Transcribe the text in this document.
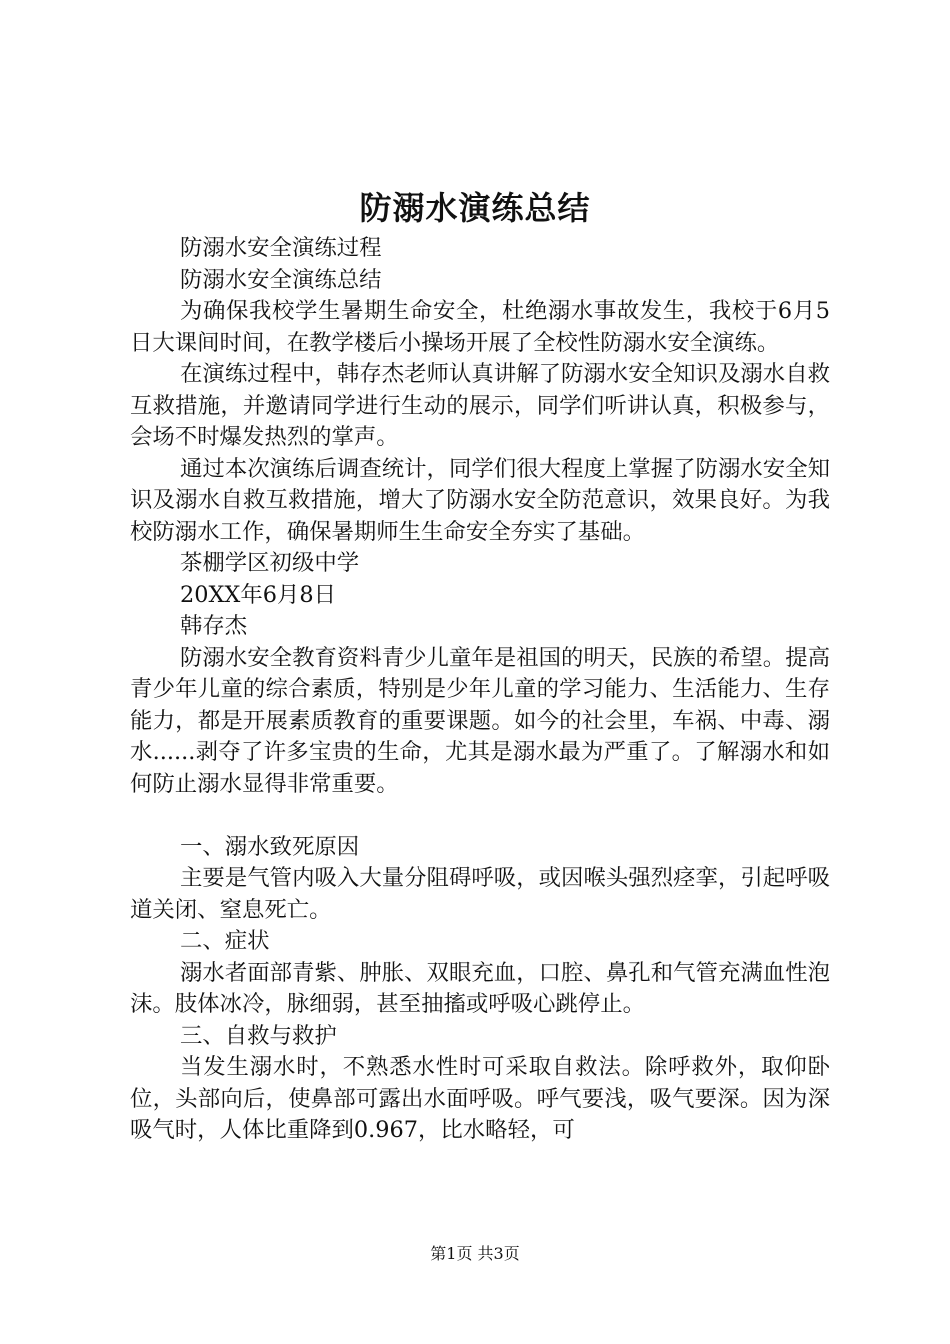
防溺水演练总结

防溺水安全演练过程

防溺水安全演练总结

为确保我校学生暑期生命安全，杜绝溺水事故发生，我校于6月5日大课间时间，在教学楼后小操场开展了全校性防溺水安全演练。

在演练过程中，韩存杰老师认真讲解了防溺水安全知识及溺水自救互救措施，并邀请同学进行生动的展示，同学们听讲认真，积极参与，会场不时爆发热烈的掌声。

通过本次演练后调查统计，同学们很大程度上掌握了防溺水安全知识及溺水自救互救措施，增大了防溺水安全防范意识，效果良好。为我校防溺水工作，确保暑期师生生命安全夯实了基础。

茶棚学区初级中学

20XX年6月8日

韩存杰

防溺水安全教育资料青少儿童年是祖国的明天，民族的希望。提高青少年儿童的综合素质，特别是少年儿童的学习能力、生活能力、生存能力，都是开展素质教育的重要课题。如今的社会里，车祸、中毒、溺水......剥夺了许多宝贵的生命，尤其是溺水最为严重了。了解溺水和如何防止溺水显得非常重要。

一、溺水致死原因

主要是气管内吸入大量分阻碍呼吸，或因喉头强烈痉挛，引起呼吸道关闭、窒息死亡。

二、症状

溺水者面部青紫、肿胀、双眼充血，口腔、鼻孔和气管充满血性泡沫。肢体冰冷，脉细弱，甚至抽搐或呼吸心跳停止。

三、自救与救护

当发生溺水时，不熟悉水性时可采取自救法。除呼救外，取仰卧位，头部向后，使鼻部可露出水面呼吸。呼气要浅，吸气要深。因为深吸气时，人体比重降到0.967，比水略轻，可

第1页 共3页
